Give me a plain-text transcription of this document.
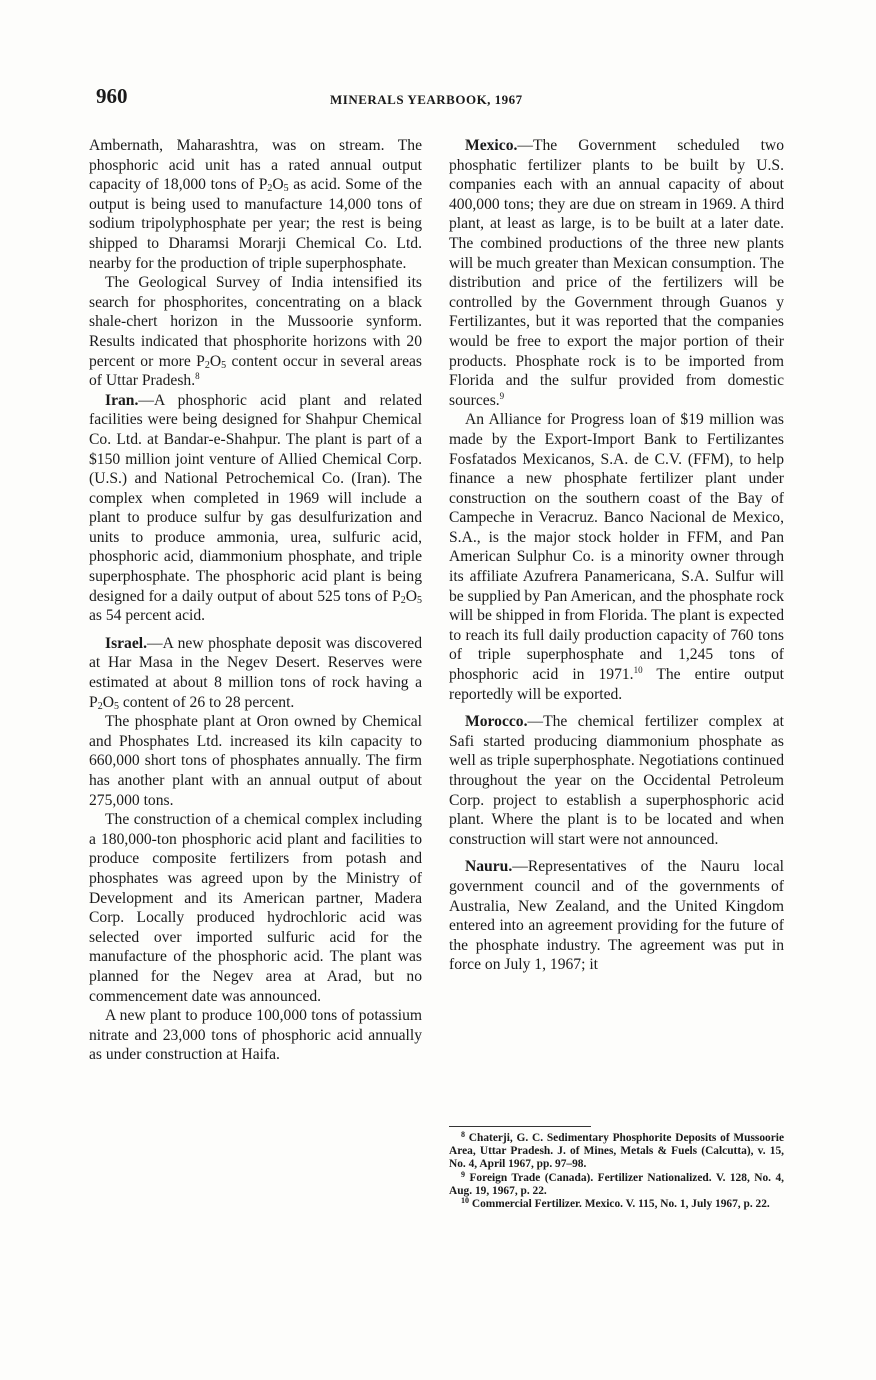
960	MINERALS YEARBOOK, 1967

Ambernath, Maharashtra, was on stream. The phosphoric acid unit has a rated annual output capacity of 18,000 tons of $P_2O_5$ as acid. Some of the output is being used to manufacture 14,000 tons of sodium tripolyphosphate per year; the rest is being shipped to Dharamsi Morarji Chemical Co. Ltd. nearby for the production of triple superphosphate.

The Geological Survey of India intensified its search for phosphorites, concentrating on a black shale-chert horizon in the Mussoorie synform. Results indicated that phosphorite horizons with 20 percent or more $P_2O_5$ content occur in several areas of Uttar Pradesh.$^8$

Iran.—A phosphoric acid plant and related facilities were being designed for Shahpur Chemical Co. Ltd. at Bandar-e-Shahpur. The plant is part of a $150 million joint venture of Allied Chemical Corp. (U.S.) and National Petrochemical Co. (Iran). The complex when completed in 1969 will include a plant to produce sulfur by gas desulfurization and units to produce ammonia, urea, sulfuric acid, phosphoric acid, diammonium phosphate, and triple superphosphate. The phosphoric acid plant is being designed for a daily output of about 525 tons of $P_2O_5$ as 54 percent acid.

Israel.—A new phosphate deposit was discovered at Har Masa in the Negev Desert. Reserves were estimated at about 8 million tons of rock having a $P_2O_5$ content of 26 to 28 percent.

The phosphate plant at Oron owned by Chemical and Phosphates Ltd. increased its kiln capacity to 660,000 short tons of phosphates annually. The firm has another plant with an annual output of about 275,000 tons.

The construction of a chemical complex including a 180,000-ton phosphoric acid plant and facilities to produce composite fertilizers from potash and phosphates was agreed upon by the Ministry of Development and its American partner, Madera Corp. Locally produced hydrochloric acid was selected over imported sulfuric acid for the manufacture of the phosphoric acid. The plant was planned for the Negev area at Arad, but no commencement date was announced.

A new plant to produce 100,000 tons of potassium nitrate and 23,000 tons of phosphoric acid annually as under construction at Haifa.

Mexico.—The Government scheduled two phosphatic fertilizer plants to be built by U.S. companies each with an annual capacity of about 400,000 tons; they are due on stream in 1969. A third plant, at least as large, is to be built at a later date. The combined productions of the three new plants will be much greater than Mexican consumption. The distribution and price of the fertilizers will be controlled by the Government through Guanos y Fertilizantes, but it was reported that the companies would be free to export the major portion of their products. Phosphate rock is to be imported from Florida and the sulfur provided from domestic sources.$^9$

An Alliance for Progress loan of $19 million was made by the Export-Import Bank to Fertilizantes Fosfatados Mexicanos, S.A. de C.V. (FFM), to help finance a new phosphate fertilizer plant under construction on the southern coast of the Bay of Campeche in Veracruz. Banco Nacional de Mexico, S.A., is the major stock holder in FFM, and Pan American Sulphur Co. is a minority owner through its affiliate Azufrera Panamericana, S.A. Sulfur will be supplied by Pan American, and the phosphate rock will be shipped in from Florida. The plant is expected to reach its full daily production capacity of 760 tons of triple superphosphate and 1,245 tons of phosphoric acid in 1971.10 The entire output reportedly will be exported.

Morocco.—The chemical fertilizer complex at Safi started producing diammonium phosphate as well as triple superphosphate. Negotiations continued throughout the year on the Occidental Petroleum Corp. project to establish a superphosphoric acid plant. Where the plant is to be located and when construction will start were not announced.

Nauru.—Representatives of the Nauru local government council and of the governments of Australia, New Zealand, and the United Kingdom entered into an agreement providing for the future of the phosphate industry. The agreement was put in force on July 1, 1967; it

$^8$ Chaterji, G. C. Sedimentary Phosphorite Deposits of Mussoorie Area, Uttar Pradesh. J. of Mines, Metals & Fuels (Calcutta), v. 15, No. 4, April 1967, pp. 97–98.

$^9$ Foreign Trade (Canada). Fertilizer Nationalized. V. 128, No. 4, Aug. 19, 1967, p. 22.

$^{10}$ Commercial Fertilizer. Mexico. V. 115, No. 1, July 1967, p. 22.
